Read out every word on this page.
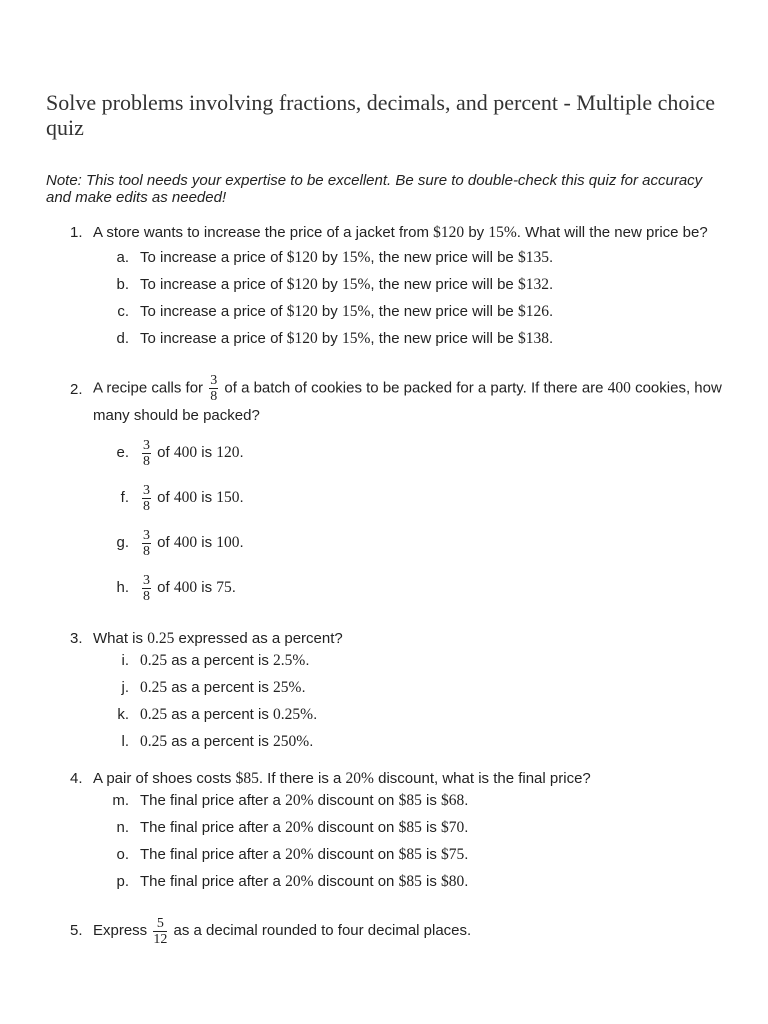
Solve problems involving fractions, decimals, and percent - Multiple choice quiz

Note: This tool needs your expertise to be excellent. Be sure to double-check this quiz for accuracy and make edits as needed!

1. A store wants to increase the price of a jacket from $120 by 15%. What will the new price be?
a. To increase a price of $120 by 15%, the new price will be $135.
b. To increase a price of $120 by 15%, the new price will be $132.
c. To increase a price of $120 by 15%, the new price will be $126.
d. To increase a price of $120 by 15%, the new price will be $138.
2. A recipe calls for $\frac{3}{8}$ of a batch of cookies to be packed for a party. If there are 400 cookies, how many should be packed?
e. $\frac{3}{8}$ of 400 is 120.
f. $\frac{3}{8}$ of 400 is 150.
g. $\frac{3}{8}$ of 400 is 100.
h. $\frac{3}{8}$ of 400 is 75.
3. What is 0.25 expressed as a percent?
i. 0.25 as a percent is 2.5%.
j. 0.25 as a percent is 25%.
k. 0.25 as a percent is 0.25%.
l. 0.25 as a percent is 250%.
4. A pair of shoes costs $85. If there is a 20% discount, what is the final price?
m. The final price after a 20% discount on $85 is $68.
n. The final price after a 20% discount on $85 is $70.
o. The final price after a 20% discount on $85 is $75.
p. The final price after a 20% discount on $85 is $80.
5. Express $\frac{5}{12}$ as a decimal rounded to four decimal places.
